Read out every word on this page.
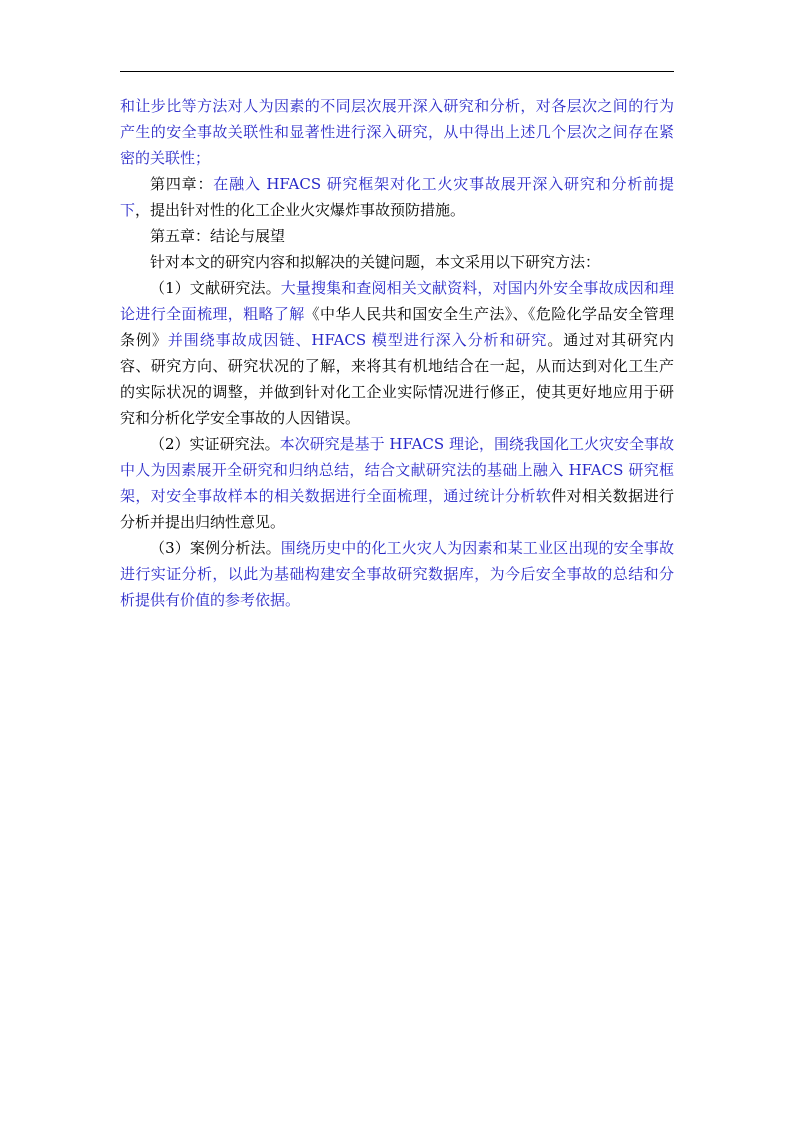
和让步比等方法对人为因素的不同层次展开深入研究和分析，对各层次之间的行为产生的安全事故关联性和显著性进行深入研究，从中得出上述几个层次之间存在紧密的关联性；

第四章：在融入 HFACS 研究框架对化工火灾事故展开深入研究和分析前提下，提出针对性的化工企业火灾爆炸事故预防措施。

第五章：结论与展望

针对本文的研究内容和拟解决的关键问题，本文采用以下研究方法：

（1）文献研究法。大量搜集和查阅相关文献资料，对国内外安全事故成因和理论进行全面梳理，粗略了解《中华人民共和国安全生产法》、《危险化学品安全管理条例》并围绕事故成因链、HFACS 模型进行深入分析和研究。通过对其研究内容、研究方向、研究状况的了解，来将其有机地结合在一起，从而达到对化工生产的实际状况的调整，并做到针对化工企业实际情况进行修正，使其更好地应用于研究和分析化学安全事故的人因错误。

（2）实证研究法。本次研究是基于 HFACS 理论，围绕我国化工火灾安全事故中人为因素展开全研究和归纳总结，结合文献研究法的基础上融入 HFACS 研究框架，对安全事故样本的相关数据进行全面梳理，通过统计分析软件对相关数据进行分析并提出归纳性意见。

（3）案例分析法。围绕历史中的化工火灾人为因素和某工业区出现的安全事故进行实证分析，以此为基础构建安全事故研究数据库，为今后安全事故的总结和分析提供有价值的参考依据。
